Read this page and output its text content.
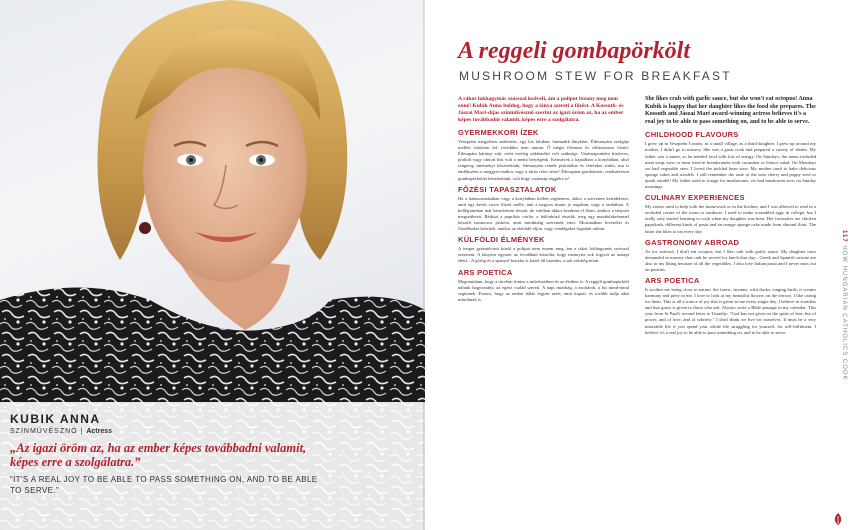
KUBIK ANNA
SZÍNMŰVÉSZNŐ | Actress
„Az igazi öröm az, ha az ember képes továbbadni valamit, képes erre a szolgálatra.”
“IT'S A REAL JOY TO BE ABLE TO PASS SOMETHING ON, AND TO BE ABLE TO SERVE.”
A reggeli gombapörkölt
MUSHROOM STEW FOR BREAKFAST
A rákot fokhagymás szósszal kedveli, ám a polipot bizony meg nem enné! Kubik Anna boldog, hogy a lánya szereti a főzést. A Kossuth- és Jászai Mari-díjas színművésznő szerint az igazi öröm az, ha az ember képes továbbadni valamit, képes erre a szolgálatra.
GYERMEKKORI ÍZEK

Veszprém megyében születtem, egy kis faluban, harmadik lányként. Édesanyám szolgája mellett sütöttem fel, rövidülni nem tártam. Ő mégis főzemas és válterasznas főzött. Édesapám bárányt sütt, ezért esetleg zökkenéké volt szüksége. Vasárnaponként húsleves, pörkölt vagy rántott hús volt a menü hétvégénk. Kézmívek a hajnalban a konyhában, ahol rengeteg süteményt készítettünk, édesanyám remek piskótákat és réteseket sütött, ma is emlékszem a meggyes-mákos vagy a túrós rétes ízére! Édesapám gombászott, rendszeresen gombapörköltet készítettünk, volt hogy vasárnap reggelre is!

FŐZÉSI TAPASZTALATOK

Ha a háziasszonkában vagy a konyhában kellett segítenem, akkor a szövetem kertidelésre, amit egy kevés rizsre főzött mellé, ami a nagyon finom jó zugában, vagy a szobában. A kollégiumban már készítettem tésztát, de valóban akkor kezdtem el főzni, amikor a lányom megszületett. Rádiszt a paprikás csirke, a különböző tészták, meg egy mandulakrémmel készült narancsos piskóta, amit mindmáig szeretnek enni. Mostanában leveseket és főzelékeket készítek, amikor az ebédidő eljön, vagy vendégeket fogadok otthon.

KÜLFÖLDI ÉLMÉNYEK

A tenger gyümölcseit közül a polipot nem eszem meg, ám a rákot fokhagymás szósszal szeretem. A lányom egyszer az óvodában kóstolta, hogy mennyire sok fogyott az aznapi ebéd... A görög és a spanyol konyha is közel áll hozzám, a sok zöldség miatt.

ARS POETICA

Megtanultam, hogy a türelem fontos a művészetben és az életben is. A reggeli gombapörkölt nálunk hagyomány, az egész család szereti. A napi imádság, a zsoltárok, a hit mind-mind segítenek. Fontos, hogy az ember hálás legyen azért, amit kapott, és tovább tudja adni másoknak is.

She likes crab with garlic sauce, but she won't eat octopus! Anna Kubik is happy that her daughter likes the food she prepares. The Kossuth and Jászai Mari award-winning actress believes it's a real joy to be able to pass something on, and to be able to serve.
CHILDHOOD FLAVOURS

I grew up in Veszprém County, in a small village, as a third daughter. I grew up around my mother, I didn't go to nursery. She was a great cook and prepared a variety of dishes. My father was a miner, so he needed food with lots of energy. On Sundays, the menu included meat soup, stew or meat fried in breadcrumbs with cucumber or lettuce salad. On Mondays we had vegetable stew. I loved the pickled bean stew. My mother used to bake delicious sponge cakes and strudels. I still remember the taste of the sour cherry and poppy seed or quark strudel! My father used to forage for mushrooms, we had mushroom stew on Sunday mornings.

CULINARY EXPERIENCES

My sisters used to help with the housework or in the kitchen, and I was allowed to read in a secluded corner of the room or outdoors. I used to make scrambled eggs in college, but I really only started learning to cook when my daughter was born. Her favourites are chicken paprikash, different kinds of pasta and an orange sponge cake made from almond flour. The latter she likes to eat every day.

GASTRONOMY ABROAD

As for seafood, I don't eat octopus, but I like crab with garlic sauce. My daughter once demanded in nursery that crab be served for lunch that day... Greek and Spanish cuisine are also to my liking because of all the vegetables. I also love Italian pasta and I never miss out on pastries.

ARS POETICA

It soothes me being close to nature, the forest, streams, wild ducks, singing birds, it creates harmony and piety in me. I love to look at my beautiful flowers on the terrace, I like caring for them. This is all a source of joy that is given to me every single day. I believe in wonders and that grace is given to those who ask. Always write a Bible passage in my calendar. This year from St Paul's second letter to Timothy: "God has not given us the spirit of fear; but of power, and of love, and of sobriety." I don't think we live for ourselves. It must be a very miserable life if you spend your whole life struggling for yourself, for self-fulfilment. I believe it's a real joy to be able to pass something on, and to be able to serve.

117 HOW HUNGARIAN CATHOLICS COOK
